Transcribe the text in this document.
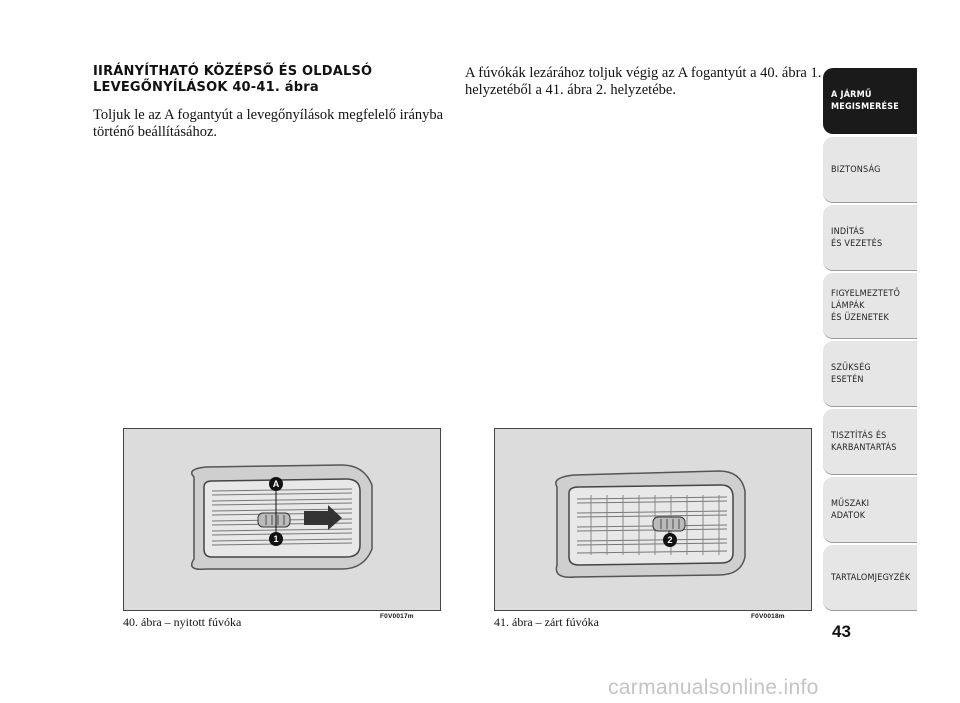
IIRÁNYÍTHATÓ KÖZÉPSŐ ÉS OLDALSÓ
LEVEGŐNYÍLÁSOK 40-41. ábra
Toljuk le az A fogantyút a levegőnyílások megfelelő irányba
történő beállításához.
A fúvókák lezárához toljuk végig az A fogantyút a 40. ábra 1.
helyzetéből a 41. ábra 2. helyzetébe.
A
1
40. ábra – nyitott fúvóka	F0V0017m
2
41. ábra – zárt fúvóka	F0V0018m
A JÁRMŰ
MEGISMERÉSE
BIZTONSÁG
INDÍTÁS
ÉS VEZETÉS
FIGYELMEZTETŐ
LÁMPÁK
ÉS ÜZENETEK
SZÜKSÉG
ESETÉN
TISZTÍTÁS ÉS
KARBANTARTÁS
MŰSZAKI
ADATOK
TARTALOMJEGYZÉK
43
carmanualsonline.info
